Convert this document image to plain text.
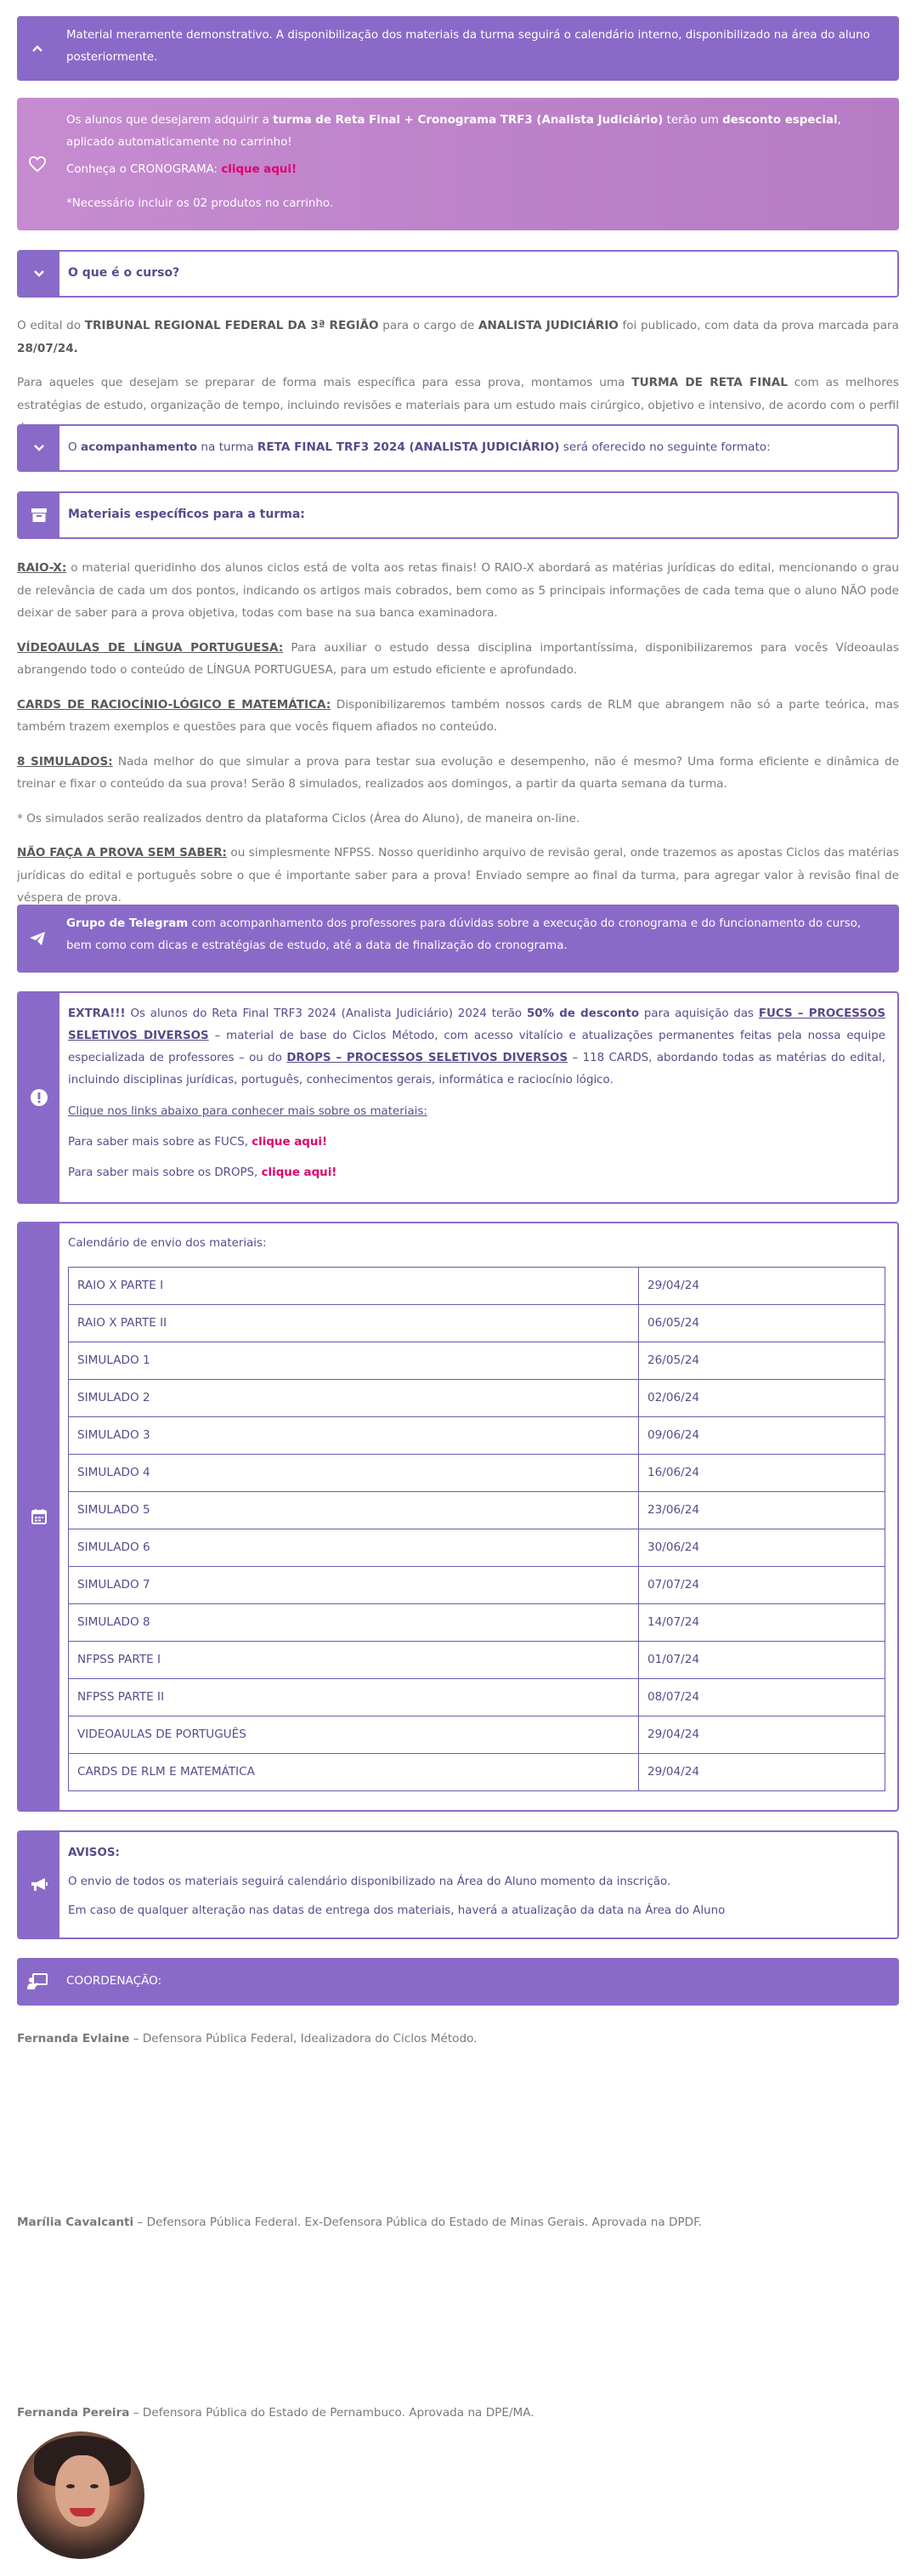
Material meramente demonstrativo. A disponibilização dos materiais da turma seguirá o calendário interno, disponibilizado na área do aluno posteriormente.

Os alunos que desejarem adquirir a turma de Reta Final + Cronograma TRF3 (Analista Judiciário) terão um desconto especial, aplicado automaticamente no carrinho!

Conheça o CRONOGRAMA: clique aqui!

*Necessário incluir os 02 produtos no carrinho.

O que é o curso?

O edital do TRIBUNAL REGIONAL FEDERAL DA 3ª REGIÃO para o cargo de ANALISTA JUDICIÁRIO foi publicado, com data da prova marcada para 28/07/24.

Para aqueles que desejam se preparar de forma mais específica para essa prova, montamos uma TURMA DE RETA FINAL com as melhores estratégias de estudo, organização de tempo, incluindo revisões e materiais para um estudo mais cirúrgico, objetivo e intensivo, de acordo com o perfil

O acompanhamento na turma RETA FINAL TRF3 2024 (ANALISTA JUDICIÁRIO) será oferecido no seguinte formato:
Materiais específicos para a turma:

RAIO-X: o material queridinho dos alunos ciclos está de volta aos retas finais! O RAIO-X abordará as matérias jurídicas do edital, mencionando o grau de relevância de cada um dos pontos, indicando os artigos mais cobrados, bem como as 5 principais informações de cada tema que o aluno NÃO pode deixar de saber para a prova objetiva, todas com base na sua banca examinadora.

VÍDEOAULAS DE LÍNGUA PORTUGUESA: Para auxiliar o estudo dessa disciplina importantíssima, disponibilizaremos para vocês Vídeoaulas abrangendo todo o conteúdo de LÍNGUA PORTUGUESA, para um estudo eficiente e aprofundado.

CARDS DE RACIOCÍNIO-LÓGICO E MATEMÁTICA: Disponibilizaremos também nossos cards de RLM que abrangem não só a parte teórica, mas também trazem exemplos e questões para que vocês fiquem afiados no conteúdo.

8 SIMULADOS: Nada melhor do que simular a prova para testar sua evolução e desempenho, não é mesmo? Uma forma eficiente e dinâmica de treinar e fixar o conteúdo da sua prova! Serão 8 simulados, realizados aos domingos, a partir da quarta semana da turma.

* Os simulados serão realizados dentro da plataforma Ciclos (Área do Aluno), de maneira on-line.

NÃO FAÇA A PROVA SEM SABER: ou simplesmente NFPSS. Nosso queridinho arquivo de revisão geral, onde trazemos as apostas Ciclos das matérias jurídicas do edital e português sobre o que é importante saber para a prova! Enviado sempre ao final da turma, para agregar valor à revisão final de véspera de prova.

Grupo de Telegram com acompanhamento dos professores para dúvidas sobre a execução do cronograma e do funcionamento do curso, bem como com dicas e estratégias de estudo, até a data de finalização do cronograma.

EXTRA!!! Os alunos do Reta Final TRF3 2024 (Analista Judiciário) 2024 terão 50% de desconto para aquisição das FUCS – PROCESSOS SELETIVOS DIVERSOS – material de base do Ciclos Método, com acesso vitalício e atualizações permanentes feitas pela nossa equipe especializada de professores – ou do DROPS – PROCESSOS SELETIVOS DIVERSOS – 118 CARDS, abordando todas as matérias do edital, incluindo disciplinas jurídicas, português, conhecimentos gerais, informática e raciocínio lógico.

Clique nos links abaixo para conhecer mais sobre os materiais:

Para saber mais sobre as FUCS, clique aqui!

Para saber mais sobre os DROPS, clique aqui!

Calendário de envio dos materiais:

RAIO X PARTE I	29/04/24
RAIO X PARTE II	06/05/24
SIMULADO 1	26/05/24
SIMULADO 2	02/06/24
SIMULADO 3	09/06/24
SIMULADO 4	16/06/24
SIMULADO 5	23/06/24
SIMULADO 6	30/06/24
SIMULADO 7	07/07/24
SIMULADO 8	14/07/24
NFPSS PARTE I	01/07/24
NFPSS PARTE II	08/07/24
VIDEOAULAS DE PORTUGUÊS	29/04/24
CARDS DE RLM E MATEMÁTICA	29/04/24

AVISOS:

O envio de todos os materiais seguirá calendário disponibilizado na Área do Aluno momento da inscrição.

Em caso de qualquer alteração nas datas de entrega dos materiais, haverá a atualização da data na Área do Aluno

COORDENAÇÃO:

Fernanda Evlaine – Defensora Pública Federal, Idealizadora do Ciclos Método.

Marília Cavalcanti – Defensora Pública Federal. Ex-Defensora Pública do Estado de Minas Gerais. Aprovada na DPDF.

Fernanda Pereira – Defensora Pública do Estado de Pernambuco. Aprovada na DPE/MA.
